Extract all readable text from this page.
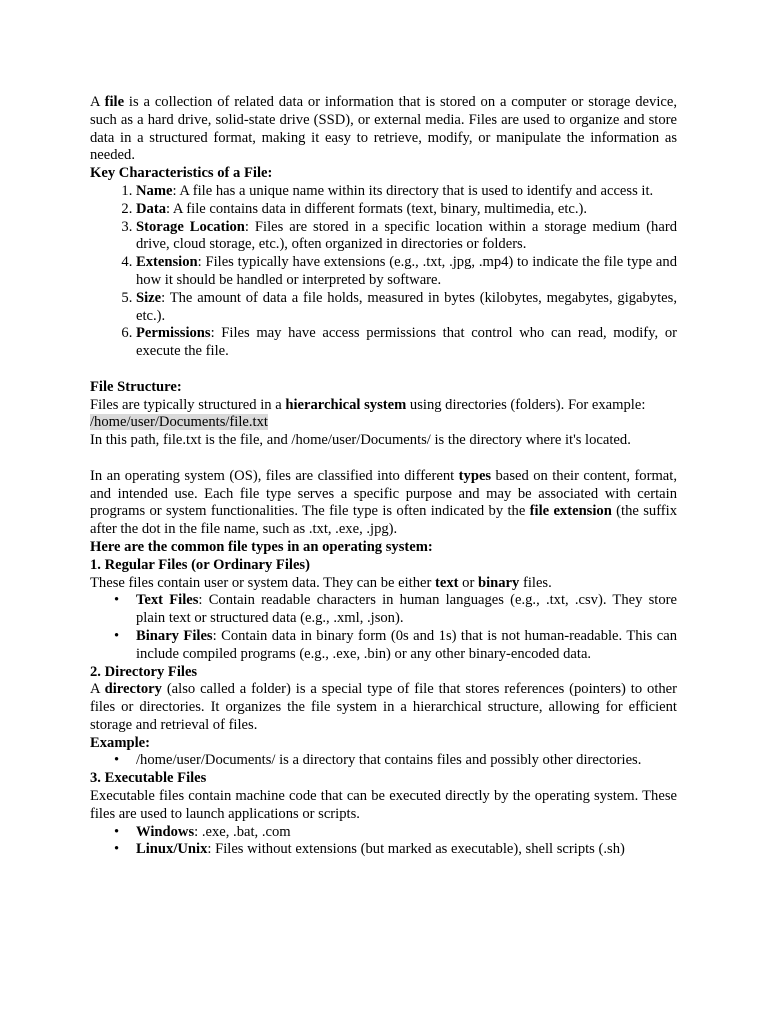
A file is a collection of related data or information that is stored on a computer or storage device, such as a hard drive, solid-state drive (SSD), or external media. Files are used to organize and store data in a structured format, making it easy to retrieve, modify, or manipulate the information as needed.

Key Characteristics of a File:

1. Name: A file has a unique name within its directory that is used to identify and access it.
2. Data: A file contains data in different formats (text, binary, multimedia, etc.).
3. Storage Location: Files are stored in a specific location within a storage medium (hard drive, cloud storage, etc.), often organized in directories or folders.
4. Extension: Files typically have extensions (e.g., .txt, .jpg, .mp4) to indicate the file type and how it should be handled or interpreted by software.
5. Size: The amount of data a file holds, measured in bytes (kilobytes, megabytes, gigabytes, etc.).
6. Permissions: Files may have access permissions that control who can read, modify, or execute the file.

File Structure:

Files are typically structured in a hierarchical system using directories (folders). For example:

/home/user/Documents/file.txt

In this path, file.txt is the file, and /home/user/Documents/ is the directory where it's located.

In an operating system (OS), files are classified into different types based on their content, format, and intended use. Each file type serves a specific purpose and may be associated with certain programs or system functionalities. The file type is often indicated by the file extension (the suffix after the dot in the file name, such as .txt, .exe, .jpg).

Here are the common file types in an operating system:

1. Regular Files (or Ordinary Files)

These files contain user or system data. They can be either text or binary files.

• Text Files: Contain readable characters in human languages (e.g., .txt, .csv). They store plain text or structured data (e.g., .xml, .json).
• Binary Files: Contain data in binary form (0s and 1s) that is not human-readable. This can include compiled programs (e.g., .exe, .bin) or any other binary-encoded data.

2. Directory Files

A directory (also called a folder) is a special type of file that stores references (pointers) to other files or directories. It organizes the file system in a hierarchical structure, allowing for efficient storage and retrieval of files.

Example:

• /home/user/Documents/ is a directory that contains files and possibly other directories.

3. Executable Files

Executable files contain machine code that can be executed directly by the operating system. These files are used to launch applications or scripts.

• Windows: .exe, .bat, .com
• Linux/Unix: Files without extensions (but marked as executable), shell scripts (.sh)
